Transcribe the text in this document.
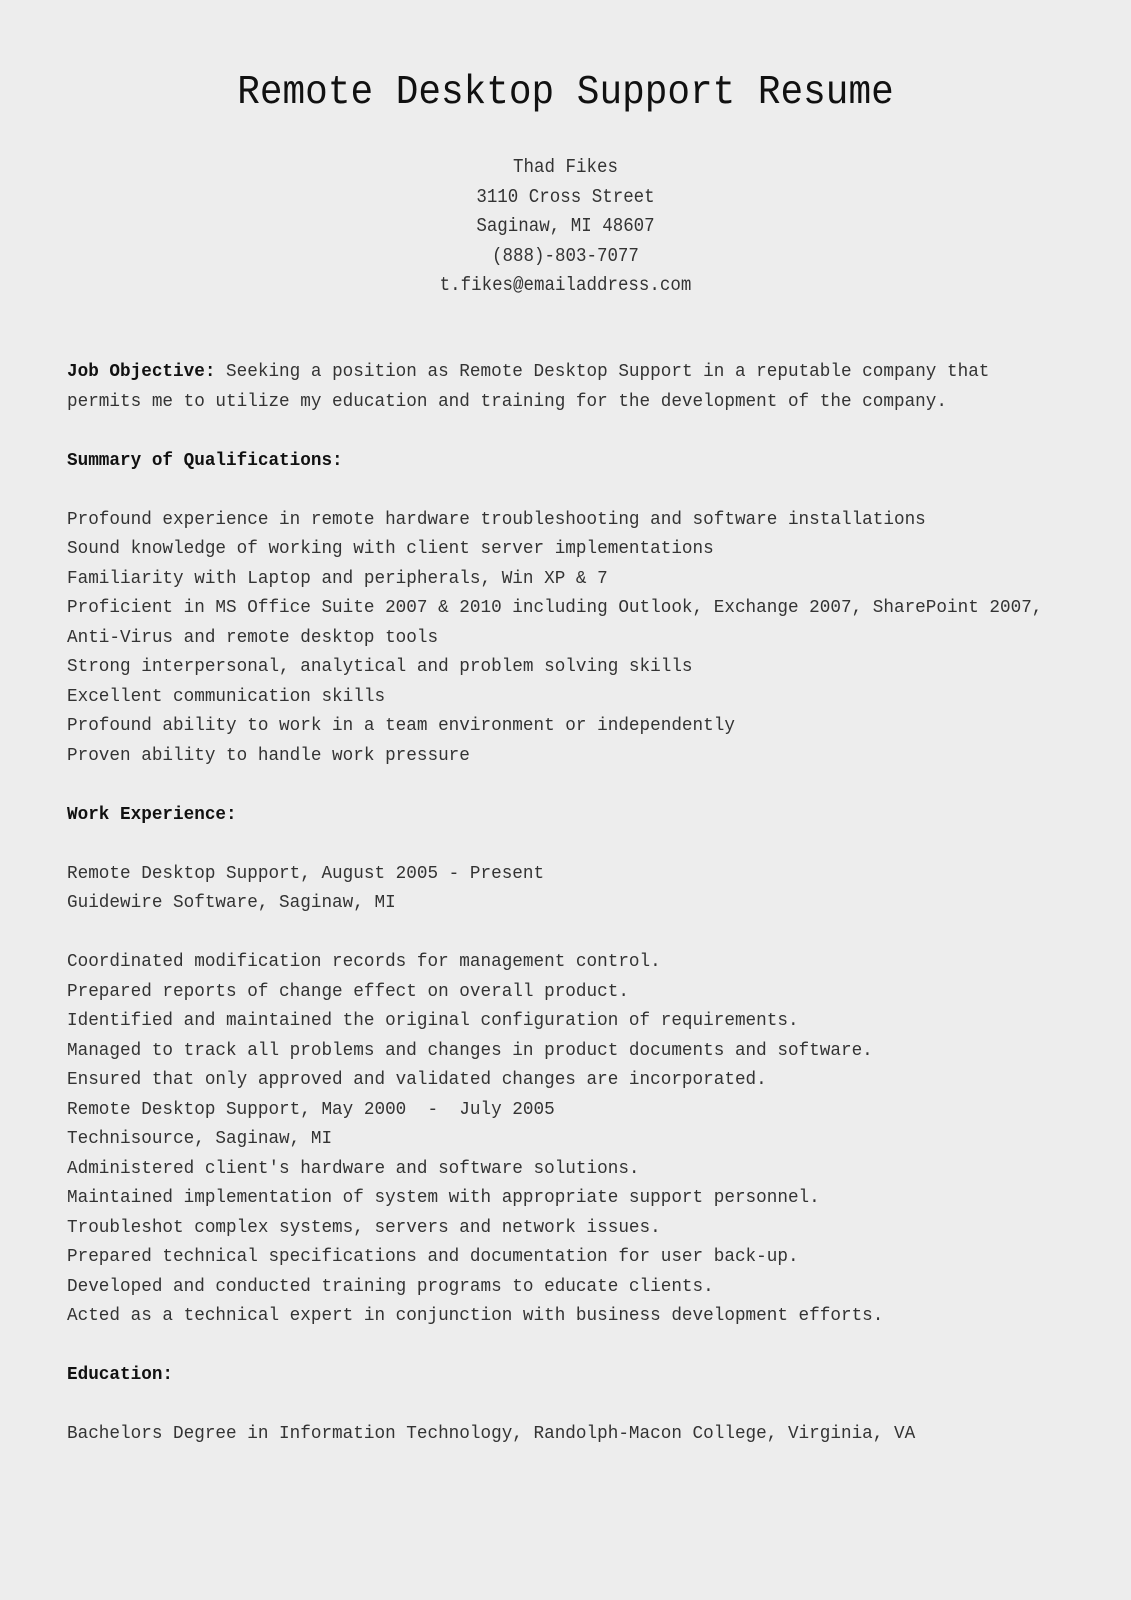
Remote Desktop Support Resume
Thad Fikes
3110 Cross Street
Saginaw, MI 48607
(888)-803-7077
t.fikes@emailaddress.com
Job Objective: Seeking a position as Remote Desktop Support in a reputable company that
permits me to utilize my education and training for the development of the company.
Summary of Qualifications:
Profound experience in remote hardware troubleshooting and software installations
Sound knowledge of working with client server implementations
Familiarity with Laptop and peripherals, Win XP & 7
Proficient in MS Office Suite 2007 & 2010 including Outlook, Exchange 2007, SharePoint 2007,
Anti-Virus and remote desktop tools
Strong interpersonal, analytical and problem solving skills
Excellent communication skills
Profound ability to work in a team environment or independently
Proven ability to handle work pressure
Work Experience:
Remote Desktop Support, August 2005 - Present
Guidewire Software, Saginaw, MI
Coordinated modification records for management control.
Prepared reports of change effect on overall product.
Identified and maintained the original configuration of requirements.
Managed to track all problems and changes in product documents and software.
Ensured that only approved and validated changes are incorporated.
Remote Desktop Support, May 2000  -  July 2005
Technisource, Saginaw, MI
Administered client's hardware and software solutions.
Maintained implementation of system with appropriate support personnel.
Troubleshot complex systems, servers and network issues.
Prepared technical specifications and documentation for user back-up.
Developed and conducted training programs to educate clients.
Acted as a technical expert in conjunction with business development efforts.
Education:
Bachelors Degree in Information Technology, Randolph-Macon College, Virginia, VA
